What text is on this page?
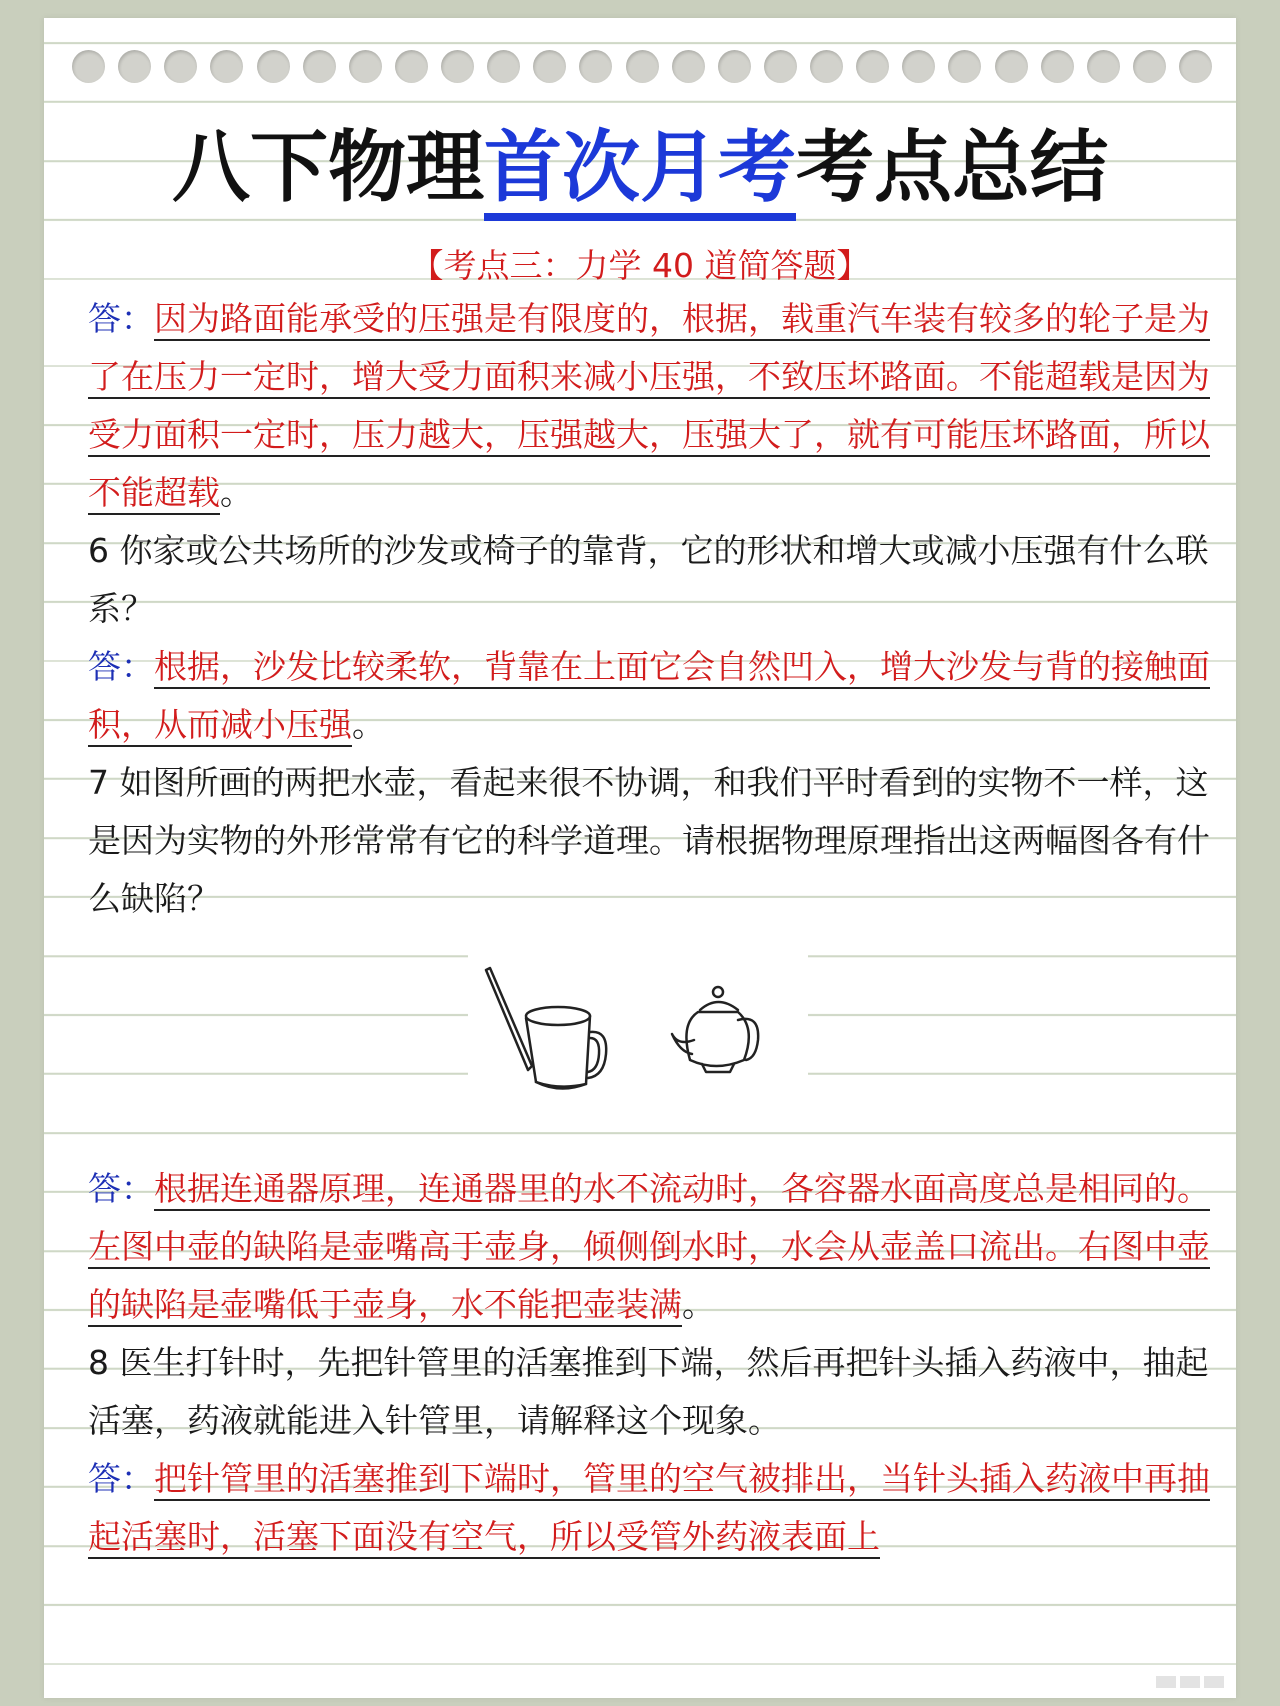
八下物理首次月考考点总结
【考点三：力学 40 道简答题】
答：因为路面能承受的压强是有限度的，根据，载重汽车装有较多的轮子是为了在压力一定时，增大受力面积来减小压强，不致压坏路面。不能超载是因为受力面积一定时，压力越大，压强越大，压强大了，就有可能压坏路面，所以不能超载。
6 你家或公共场所的沙发或椅子的靠背，它的形状和增大或减小压强有什么联系？
答：根据，沙发比较柔软，背靠在上面它会自然凹入，增大沙发与背的接触面积，从而减小压强。
7 如图所画的两把水壶，看起来很不协调，和我们平时看到的实物不一样，这是因为实物的外形常常有它的科学道理。请根据物理原理指出这两幅图各有什么缺陷？
答：根据连通器原理，连通器里的水不流动时，各容器水面高度总是相同的。左图中壶的缺陷是壶嘴高于壶身，倾侧倒水时，水会从壶盖口流出。右图中壶的缺陷是壶嘴低于壶身，水不能把壶装满。
8 医生打针时，先把针管里的活塞推到下端，然后再把针头插入药液中，抽起活塞，药液就能进入针管里，请解释这个现象。
答：把针管里的活塞推到下端时，管里的空气被排出，当针头插入药液中再抽起活塞时，活塞下面没有空气，所以受管外药液表面上
